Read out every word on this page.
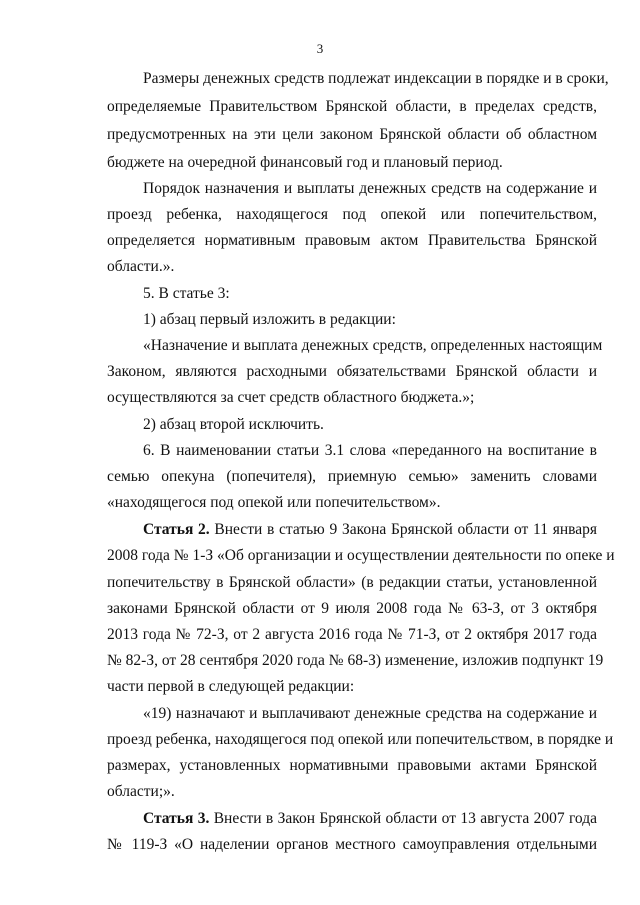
3
Размеры денежных средств подлежат индексации в порядке и в сроки,
определяемые Правительством Брянской области, в пределах средств,
предусмотренных на эти цели законом Брянской области об областном
бюджете на очередной финансовый год и плановый период.
Порядок назначения и выплаты денежных средств на содержание и
проезд ребенка, находящегося под опекой или попечительством,
определяется нормативным правовым актом Правительства Брянской
области.».
5. В статье 3:
1) абзац первый изложить в редакции:
«Назначение и выплата денежных средств, определенных настоящим
Законом, являются расходными обязательствами Брянской области и
осуществляются за счет средств областного бюджета.»;
2) абзац второй исключить.
6. В наименовании статьи 3.1 слова «переданного на воспитание в
семью опекуна (попечителя), приемную семью» заменить словами
«находящегося под опекой или попечительством».
Статья 2. Внести в статью 9 Закона Брянской области от 11 января
2008 года № 1-З «Об организации и осуществлении деятельности по опеке и
попечительству в Брянской области» (в редакции статьи, установленной
законами Брянской области от 9 июля 2008 года № 63-З, от 3 октября
2013 года № 72-З, от 2 августа 2016 года № 71-З, от 2 октября 2017 года
№ 82-З, от 28 сентября 2020 года № 68-З) изменение, изложив подпункт 19
части первой в следующей редакции:
«19) назначают и выплачивают денежные средства на содержание и
проезд ребенка, находящегося под опекой или попечительством, в порядке и
размерах, установленных нормативными правовыми актами Брянской
области;».
Статья 3. Внести в Закон Брянской области от 13 августа 2007 года
№ 119-З «О наделении органов местного самоуправления отдельными
